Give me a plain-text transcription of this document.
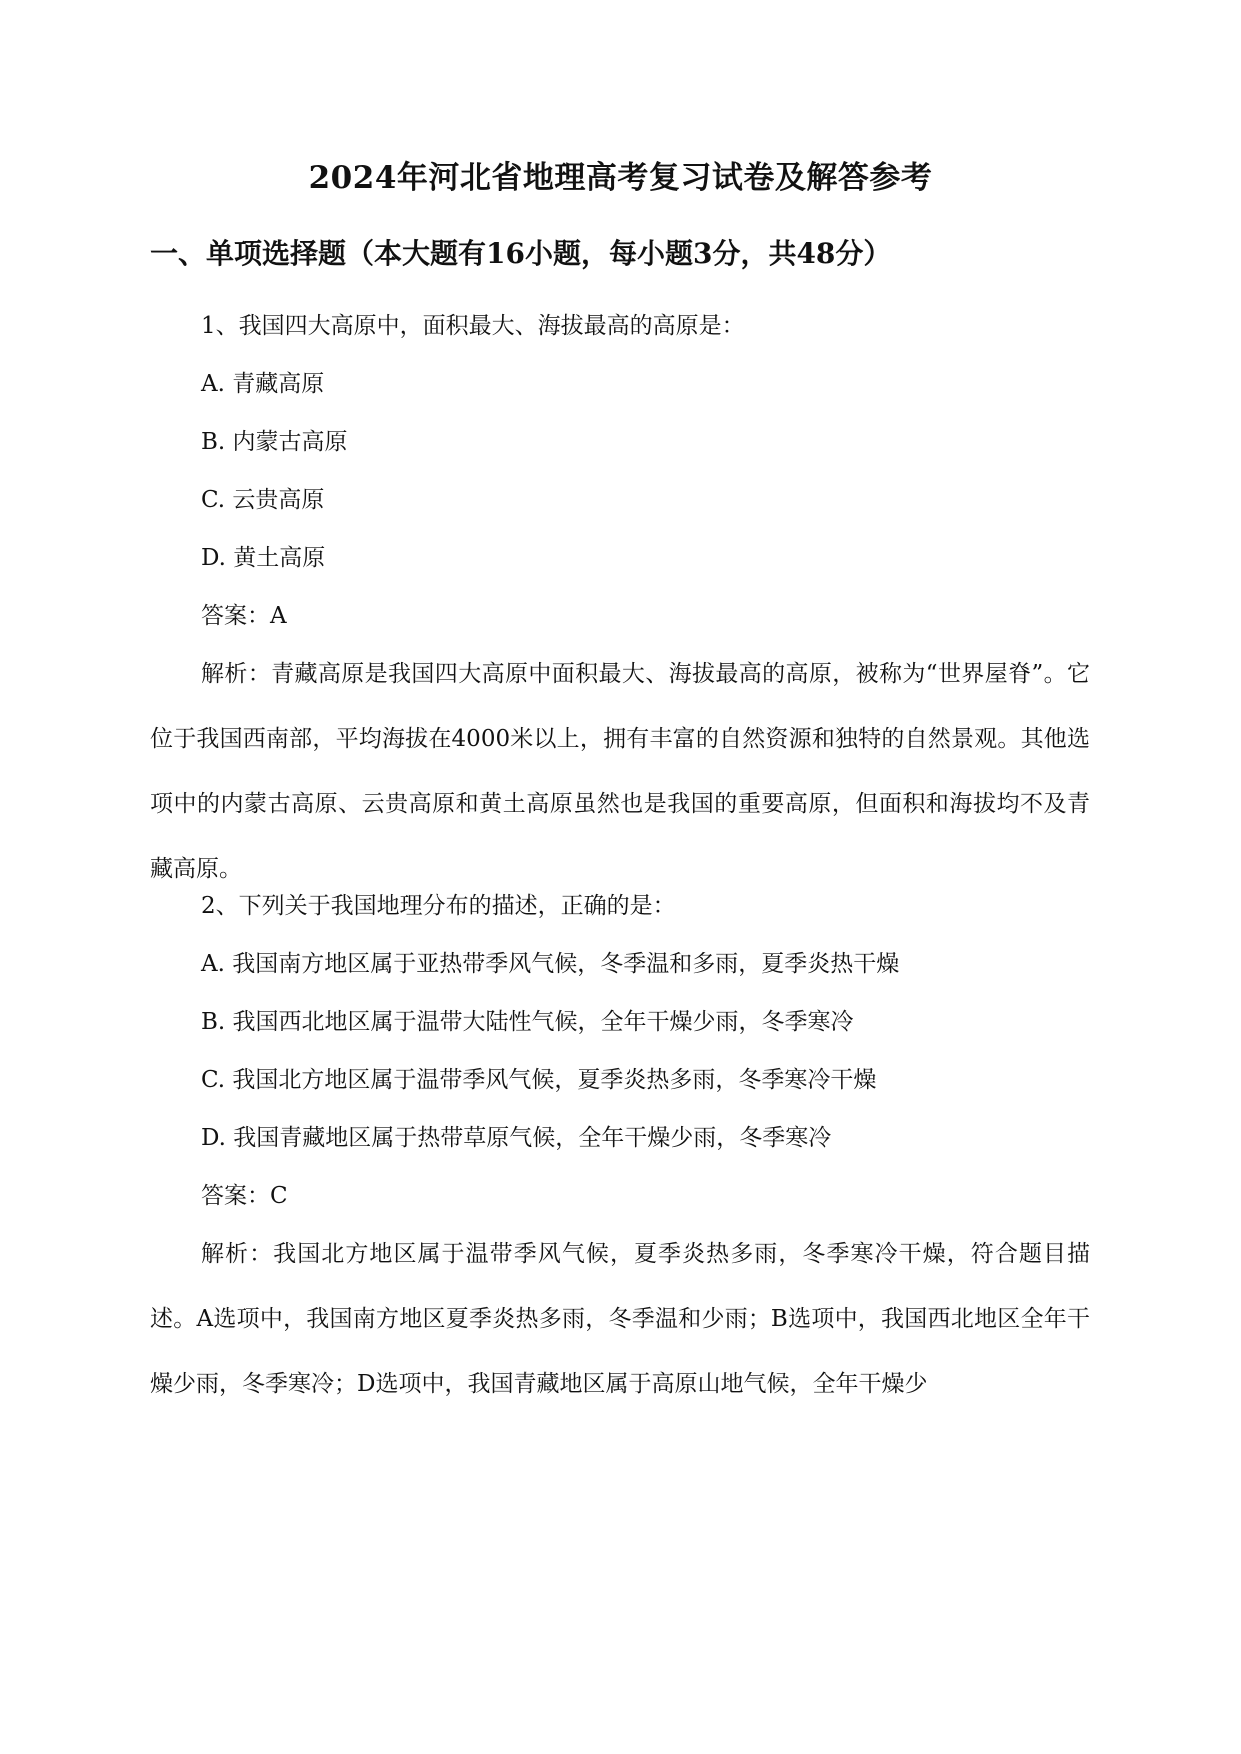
2024年河北省地理高考复习试卷及解答参考
一、单项选择题（本大题有16小题，每小题3分，共48分）

1、我国四大高原中，面积最大、海拔最高的高原是：

A. 青藏高原

B. 内蒙古高原

C. 云贵高原

D. 黄土高原

答案：A

解析：青藏高原是我国四大高原中面积最大、海拔最高的高原，被称为“世界屋脊”。它位于我国西南部，平均海拔在4000米以上，拥有丰富的自然资源和独特的自然景观。其他选项中的内蒙古高原、云贵高原和黄土高原虽然也是我国的重要高原，但面积和海拔均不及青藏高原。

2、下列关于我国地理分布的描述，正确的是：

A. 我国南方地区属于亚热带季风气候，冬季温和多雨，夏季炎热干燥

B. 我国西北地区属于温带大陆性气候，全年干燥少雨，冬季寒冷

C. 我国北方地区属于温带季风气候，夏季炎热多雨，冬季寒冷干燥

D. 我国青藏地区属于热带草原气候，全年干燥少雨，冬季寒冷

答案：C

解析：我国北方地区属于温带季风气候，夏季炎热多雨，冬季寒冷干燥，符合题目描述。A选项中，我国南方地区夏季炎热多雨，冬季温和少雨；B选项中，我国西北地区全年干燥少雨，冬季寒冷；D选项中，我国青藏地区属于高原山地气候，全年干燥少
